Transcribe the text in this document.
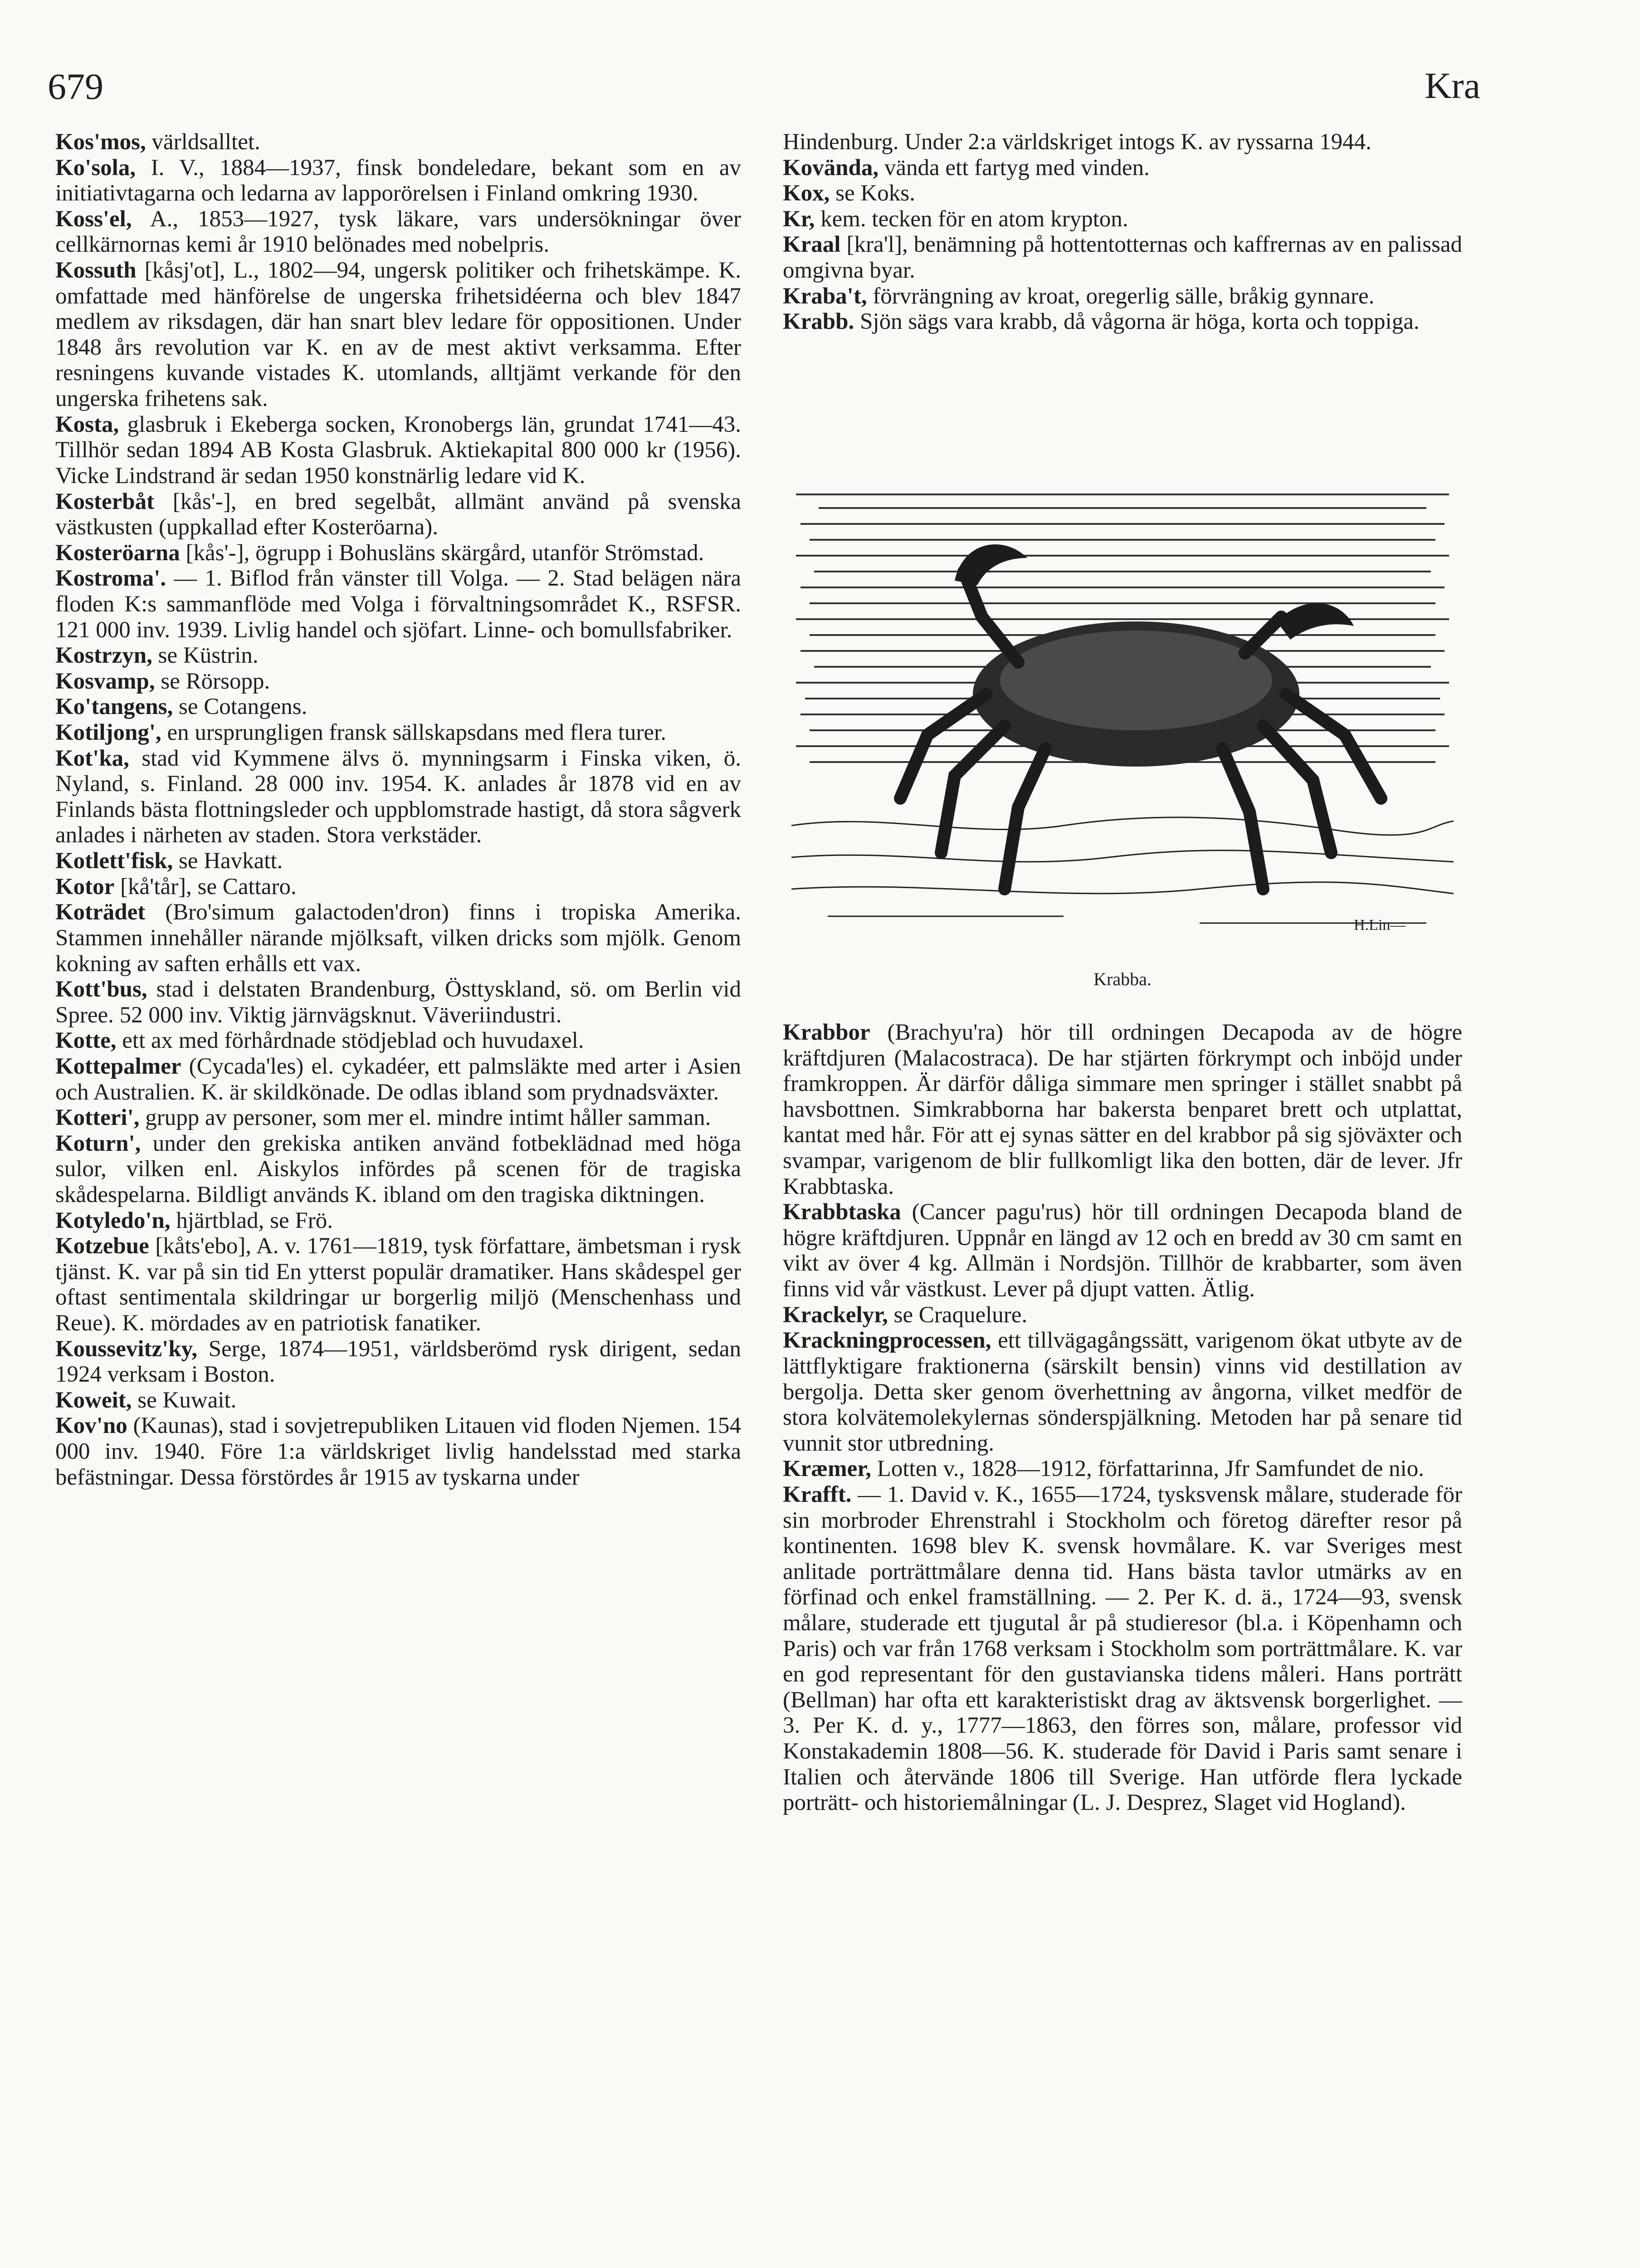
679	Kra

Kos'mos, världsalltet.

Ko'sola, I. V., 1884—1937, finsk bondeledare, bekant som en av initiativtagarna och ledarna av lapporörelsen i Finland omkring 1930.

Koss'el, A., 1853—1927, tysk läkare, vars undersökningar över cellkärnornas kemi år 1910 belönades med nobelpris.

Kossuth [kåsj'ot], L., 1802—94, ungersk politiker och frihetskämpe. K. omfattade med hänförelse de ungerska frihetsidéerna och blev 1847 medlem av riksdagen, där han snart blev ledare för oppositionen. Under 1848 års revolution var K. en av de mest aktivt verksamma. Efter resningens kuvande vistades K. utomlands, alltjämt verkande för den ungerska frihetens sak.

Kosta, glasbruk i Ekeberga socken, Kronobergs län, grundat 1741—43. Tillhör sedan 1894 AB Kosta Glasbruk. Aktiekapital 800 000 kr (1956). Vicke Lindstrand är sedan 1950 konstnärlig ledare vid K.

Kosterbåt [kås'-], en bred segelbåt, allmänt använd på svenska västkusten (uppkallad efter Kosteröarna).

Kosteröarna [kås'-], ögrupp i Bohusläns skärgård, utanför Strömstad.

Kostroma'. — 1. Biflod från vänster till Volga. — 2. Stad belägen nära floden K:s sammanflöde med Volga i förvaltningsområdet K., RSFSR. 121 000 inv. 1939. Livlig handel och sjöfart. Linne- och bomullsfabriker.

Kostrzyn, se Küstrin.

Kosvamp, se Rörsopp.

Ko'tangens, se Cotangens.

Kotiljong', en ursprungligen fransk sällskapsdans med flera turer.

Kot'ka, stad vid Kymmene älvs ö. mynningsarm i Finska viken, ö. Nyland, s. Finland. 28 000 inv. 1954. K. anlades år 1878 vid en av Finlands bästa flottningsleder och uppblomstrade hastigt, då stora sågverk anlades i närheten av staden. Stora verkstäder.

Kotlett'fisk, se Havkatt.

Kotor [kå'tår], se Cattaro.

Koträdet (Bro'simum galactoden'dron) finns i tropiska Amerika. Stammen innehåller närande mjölksaft, vilken dricks som mjölk. Genom kokning av saften erhålls ett vax.

Kott'bus, stad i delstaten Brandenburg, Östtyskland, sö. om Berlin vid Spree. 52 000 inv. Viktig järnvägsknut. Väveriindustri.

Kotte, ett ax med förhårdnade stödjeblad och huvudaxel.

Kottepalmer (Cycada'les) el. cykadéer, ett palmsläkte med arter i Asien och Australien. K. är skildkönade. De odlas ibland som prydnadsväxter.

Kotteri', grupp av personer, som mer el. mindre intimt håller samman.

Koturn', under den grekiska antiken använd fotbeklädnad med höga sulor, vilken enl. Aiskylos infördes på scenen för de tragiska skådespelarna. Bildligt används K. ibland om den tragiska diktningen.

Kotyledo'n, hjärtblad, se Frö.

Kotzebue [kåts'ebo], A. v. 1761—1819, tysk författare, ämbetsman i rysk tjänst. K. var på sin tid En ytterst populär dramatiker. Hans skådespel ger oftast sentimentala skildringar ur borgerlig miljö (Menschenhass und Reue). K. mördades av en patriotisk fanatiker.

Koussevitz'ky, Serge, 1874—1951, världsberömd rysk dirigent, sedan 1924 verksam i Boston.

Koweit, se Kuwait.

Kov'no (Kaunas), stad i sovjetrepubliken Litauen vid floden Njemen. 154 000 inv. 1940. Före 1:a världskriget livlig handelsstad med starka befästningar. Dessa förstördes år 1915 av tyskarna under

Hindenburg. Under 2:a världskriget intogs K. av ryssarna 1944.

Kovända, vända ett fartyg med vinden.

Kox, se Koks.

Kr, kem. tecken för en atom krypton.

Kraal [kra'l], benämning på hottentotternas och kaffrernas av en palissad omgivna byar.

Kraba't, förvrängning av kroat, oregerlig sälle, bråkig gynnare.

Krabb. Sjön sägs vara krabb, då vågorna är höga, korta och toppiga.

H.Lin—
Krabba.

Krabbor (Brachyu'ra) hör till ordningen Decapoda av de högre kräftdjuren (Malacostraca). De har stjärten förkrympt och inböjd under framkroppen. Är därför dåliga simmare men springer i stället snabbt på havsbottnen. Simkrabborna har bakersta benparet brett och utplattat, kantat med hår. För att ej synas sätter en del krabbor på sig sjöväxter och svampar, varigenom de blir fullkomligt lika den botten, där de lever. Jfr Krabbtaska.

Krabbtaska (Cancer pagu'rus) hör till ordningen Decapoda bland de högre kräftdjuren. Uppnår en längd av 12 och en bredd av 30 cm samt en vikt av över 4 kg. Allmän i Nordsjön. Tillhör de krabbarter, som även finns vid vår västkust. Lever på djupt vatten. Ätlig.

Krackelyr, se Craquelure.

Krackningprocessen, ett tillvägagångssätt, varigenom ökat utbyte av de lättflyktigare fraktionerna (särskilt bensin) vinns vid destillation av bergolja. Detta sker genom överhettning av ångorna, vilket medför de stora kolvätemolekylernas sönderspjälkning. Metoden har på senare tid vunnit stor utbredning.

Kræmer, Lotten v., 1828—1912, författarinna, Jfr Samfundet de nio.

Krafft. — 1. David v. K., 1655—1724, tysksvensk målare, studerade för sin morbroder Ehrenstrahl i Stockholm och företog därefter resor på kontinenten. 1698 blev K. svensk hovmålare. K. var Sveriges mest anlitade porträttmålare denna tid. Hans bästa tavlor utmärks av en förfinad och enkel framställning. — 2. Per K. d. ä., 1724—93, svensk målare, studerade ett tjugutal år på studieresor (bl.a. i Köpenhamn och Paris) och var från 1768 verksam i Stockholm som porträttmålare. K. var en god representant för den gustavianska tidens måleri. Hans porträtt (Bellman) har ofta ett karakteristiskt drag av äktsvensk borgerlighet. — 3. Per K. d. y., 1777—1863, den förres son, målare, professor vid Konstakademin 1808—56. K. studerade för David i Paris samt senare i Italien och återvände 1806 till Sverige. Han utförde flera lyckade porträtt- och historiemålningar (L. J. Desprez, Slaget vid Hogland).
